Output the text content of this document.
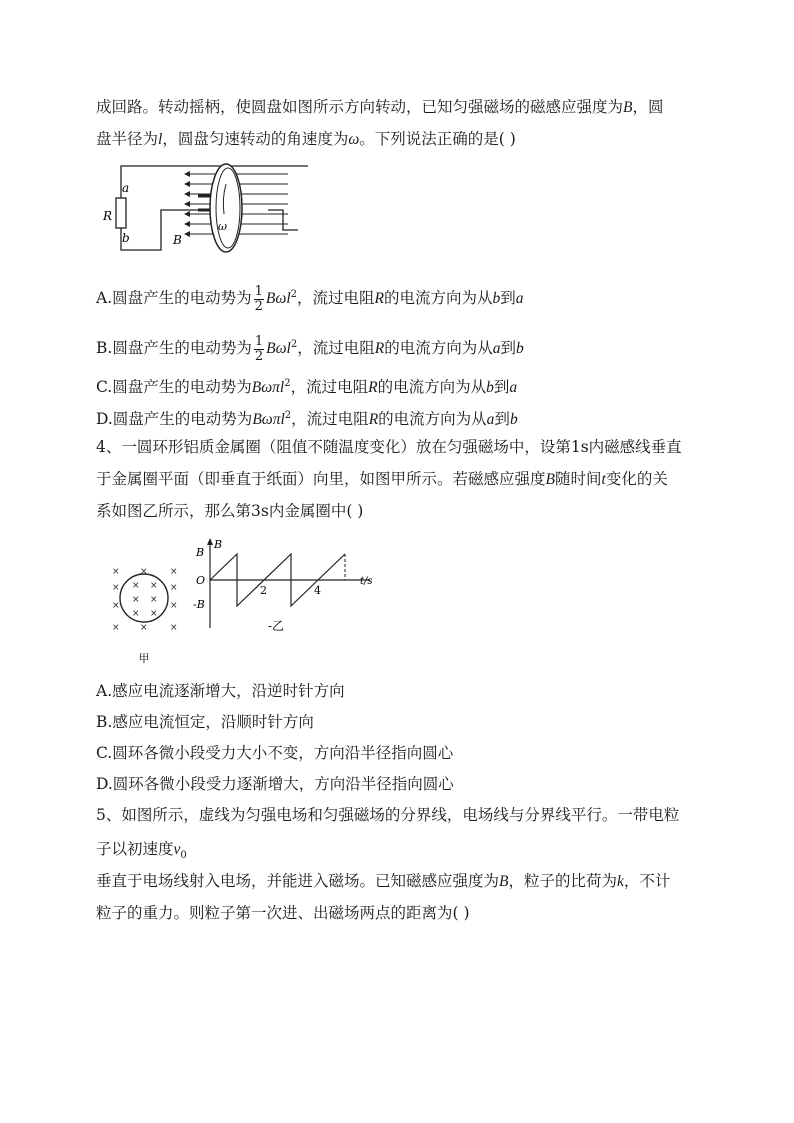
成回路。转动摇柄，使圆盘如图所示方向转动，已知匀强磁场的磁感应强度为B，圆
盘半径为l，圆盘匀速转动的角速度为ω。下列说法正确的是( )
a
R
b	B
ω
A.圆盘产生的电动势为 $\frac{1}{2} B\omega l^2$，流过电阻R的电流方向为从b到a
B.圆盘产生的电动势为 $\frac{1}{2} B\omega l^2$，流过电阻R的电流方向为从a到b
C.圆盘产生的电动势为Bωπl$^2$，流过电阻R的电流方向为从b到a
D.圆盘产生的电动势为Bωπl$^2$，流过电阻R的电流方向为从a到b
4、一圆环形铝质金属圈（阻值不随温度变化）放在匀强磁场中，设第1s内磁感线垂直
于金属圈平面（即垂直于纸面）向里，如图甲所示。若磁感应强度B随时间t变化的关
系如图乙所示，那么第3s内金属圈中( )
× × ×
×	×
×	×
× × ×
× ×
× ×
× ×
甲
B
B
O
-B
t/s
2	4
-乙
A.感应电流逐渐增大，沿逆时针方向
B.感应电流恒定，沿顺时针方向
C.圆环各微小段受力大小不变，方向沿半径指向圆心
D.圆环各微小段受力逐渐增大，方向沿半径指向圆心
5、如图所示，虚线为匀强电场和匀强磁场的分界线，电场线与分界线平行。一带电粒
子以初速度$v_0$
垂直于电场线射入电场，并能进入磁场。已知磁感应强度为B，粒子的比荷为k，不计
粒子的重力。则粒子第一次进、出磁场两点的距离为( )
